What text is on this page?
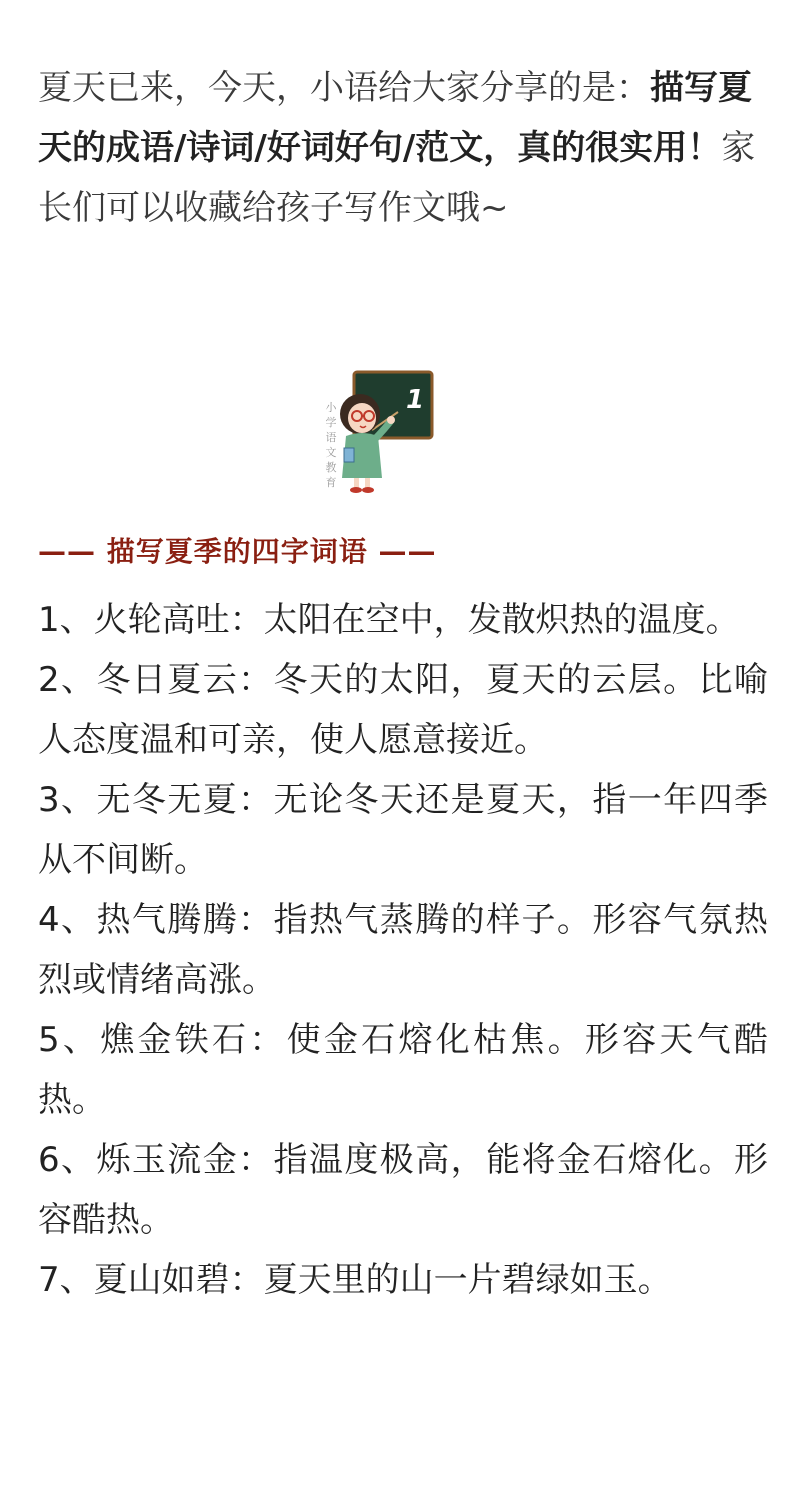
夏天已来，今天，小语给大家分享的是：描写夏天的成语/诗词/好词好句/范文，真的很实用！家长们可以收藏给孩子写作文哦~

1
小
学
语
文
教
育
—— 描写夏季的四字词语 ——
1、火轮高吐：太阳在空中，发散炽热的温度。
2、冬日夏云：冬天的太阳，夏天的云层。比喻人态度温和可亲，使人愿意接近。
3、无冬无夏：无论冬天还是夏天，指一年四季从不间断。
4、热气腾腾：指热气蒸腾的样子。形容气氛热烈或情绪高涨。
5、燋金铁石：使金石熔化枯焦。形容天气酷热。
6、烁玉流金：指温度极高，能将金石熔化。形容酷热。
7、夏山如碧：夏天里的山一片碧绿如玉。
